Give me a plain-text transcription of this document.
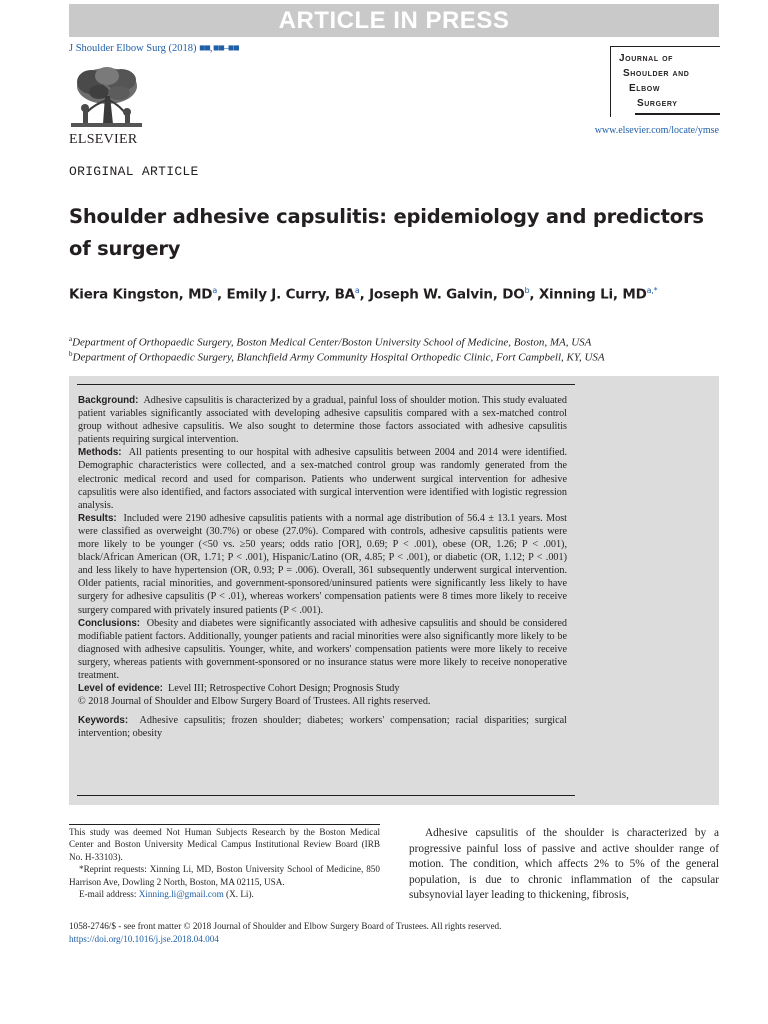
ARTICLE IN PRESS
J Shoulder Elbow Surg (2018) ■■, ■■–■■
ELSEVIER
Journal of
Shoulder and
Elbow
Surgery
www.elsevier.com/locate/ymse
ORIGINAL ARTICLE
Shoulder adhesive capsulitis: epidemiology and predictors of surgery
Kiera Kingston, $MD^a$, Emily J. Curry, $BA^a$, Joseph W. Galvin, $DO^b$, Xinning Li, $MD^{a,*}$
$^a$Department of Orthopaedic Surgery, Boston Medical Center/Boston University School of Medicine, Boston, MA, USA
$^b$Department of Orthopaedic Surgery, Blanchfield Army Community Hospital Orthopedic Clinic, Fort Campbell, KY, USA

Background: Adhesive capsulitis is characterized by a gradual, painful loss of shoulder motion. This study evaluated patient variables significantly associated with developing adhesive capsulitis compared with a sex-matched control group without adhesive capsulitis. We also sought to determine those factors associated with adhesive capsulitis patients requiring surgical intervention.

Methods: All patients presenting to our hospital with adhesive capsulitis between 2004 and 2014 were identified. Demographic characteristics were collected, and a sex-matched control group was randomly generated from the electronic medical record and used for comparison. Patients who underwent surgical intervention for adhesive capsulitis were also identified, and factors associated with surgical intervention were identified with logistic regression analysis.

Results: Included were 2190 adhesive capsulitis patients with a normal age distribution of 56.4 ± 13.1 years. Most were classified as overweight (30.7%) or obese (27.0%). Compared with controls, adhesive capsulitis patients were more likely to be younger (<50 vs. ≥50 years; odds ratio [OR], 0.69; P < .001), obese (OR, 1.26; P < .001), black/African American (OR, 1.71; P < .001), Hispanic/Latino (OR, 4.85; P < .001), or diabetic (OR, 1.12; P < .001) and less likely to have hypertension (OR, 0.93; P = .006). Overall, 361 subsequently underwent surgical intervention. Older patients, racial minorities, and government-sponsored/uninsured patients were significantly less likely to have surgery for adhesive capsulitis (P < .01), whereas workers' compensation patients were 8 times more likely to receive surgery compared with privately insured patients (P < .001).

Conclusions: Obesity and diabetes were significantly associated with adhesive capsulitis and should be considered modifiable patient factors. Additionally, younger patients and racial minorities were also significantly more likely to be diagnosed with adhesive capsulitis. Younger, white, and workers' compensation patients were more likely to receive surgery, whereas patients with government-sponsored or no insurance status were more likely to receive nonoperative treatment.

Level of evidence: Level III; Retrospective Cohort Design; Prognosis Study

© 2018 Journal of Shoulder and Elbow Surgery Board of Trustees. All rights reserved.

Keywords: Adhesive capsulitis; frozen shoulder; diabetes; workers' compensation; racial disparities; surgical intervention; obesity

This study was deemed Not Human Subjects Research by the Boston Medical Center and Boston University Medical Campus Institutional Review Board (IRB No. H-33103).

*Reprint requests: Xinning Li, MD, Boston University School of Medicine, 850 Harrison Ave, Dowling 2 North, Boston, MA 02115, USA.

E-mail address: Xinning.li@gmail.com (X. Li).

Adhesive capsulitis of the shoulder is characterized by a progressive painful loss of passive and active shoulder range of motion. The condition, which affects 2% to 5% of the general population, is due to chronic inflammation of the capsular subsynovial layer leading to thickening, fibrosis,

1058-2746/$ - see front matter © 2018 Journal of Shoulder and Elbow Surgery Board of Trustees. All rights reserved.
https://doi.org/10.1016/j.jse.2018.04.004
